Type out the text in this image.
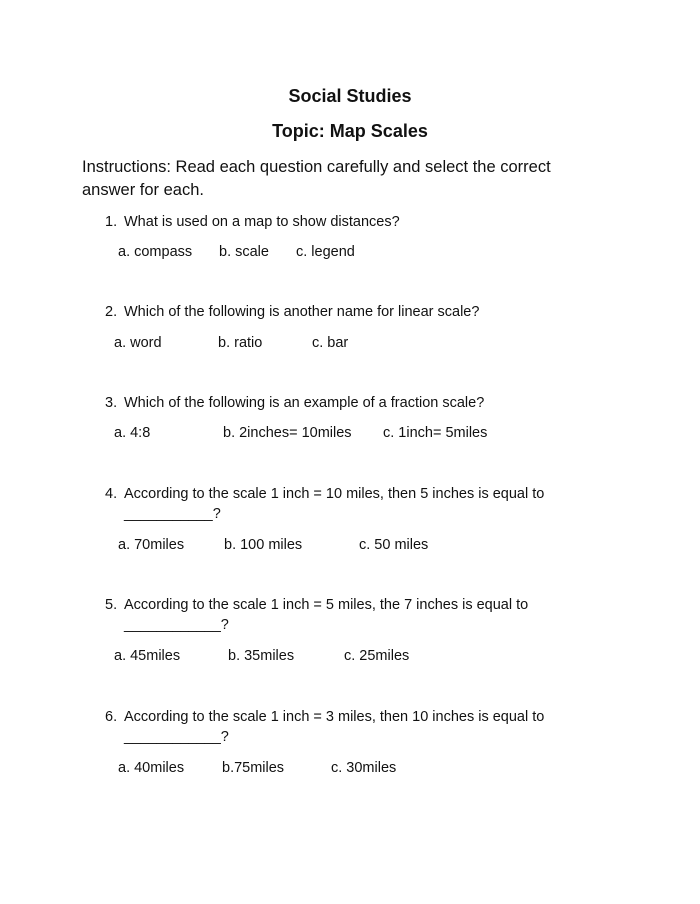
Social Studies
Topic: Map Scales
Instructions: Read each question carefully and select the correct
answer for each.
1. What is used on a map to show distances?
a. compass b. scale c. legend
2. Which of the following is another name for linear scale?
a. word	b. ratio	c. bar
3. Which of the following is an example of a fraction scale?
a. 4:8	b. 2inches= 10miles c. 1inch= 5miles
4. According to the scale 1 inch = 10 miles, then 5 inches is equal to
___________?
a. 70miles	b. 100 miles	c. 50 miles
5. According to the scale 1 inch = 5 miles, the 7 inches is equal to
____________?
a. 45miles	b. 35miles	c. 25miles
6. According to the scale 1 inch = 3 miles, then 10 inches is equal to
____________?
a. 40miles	b.75miles	c. 30miles
